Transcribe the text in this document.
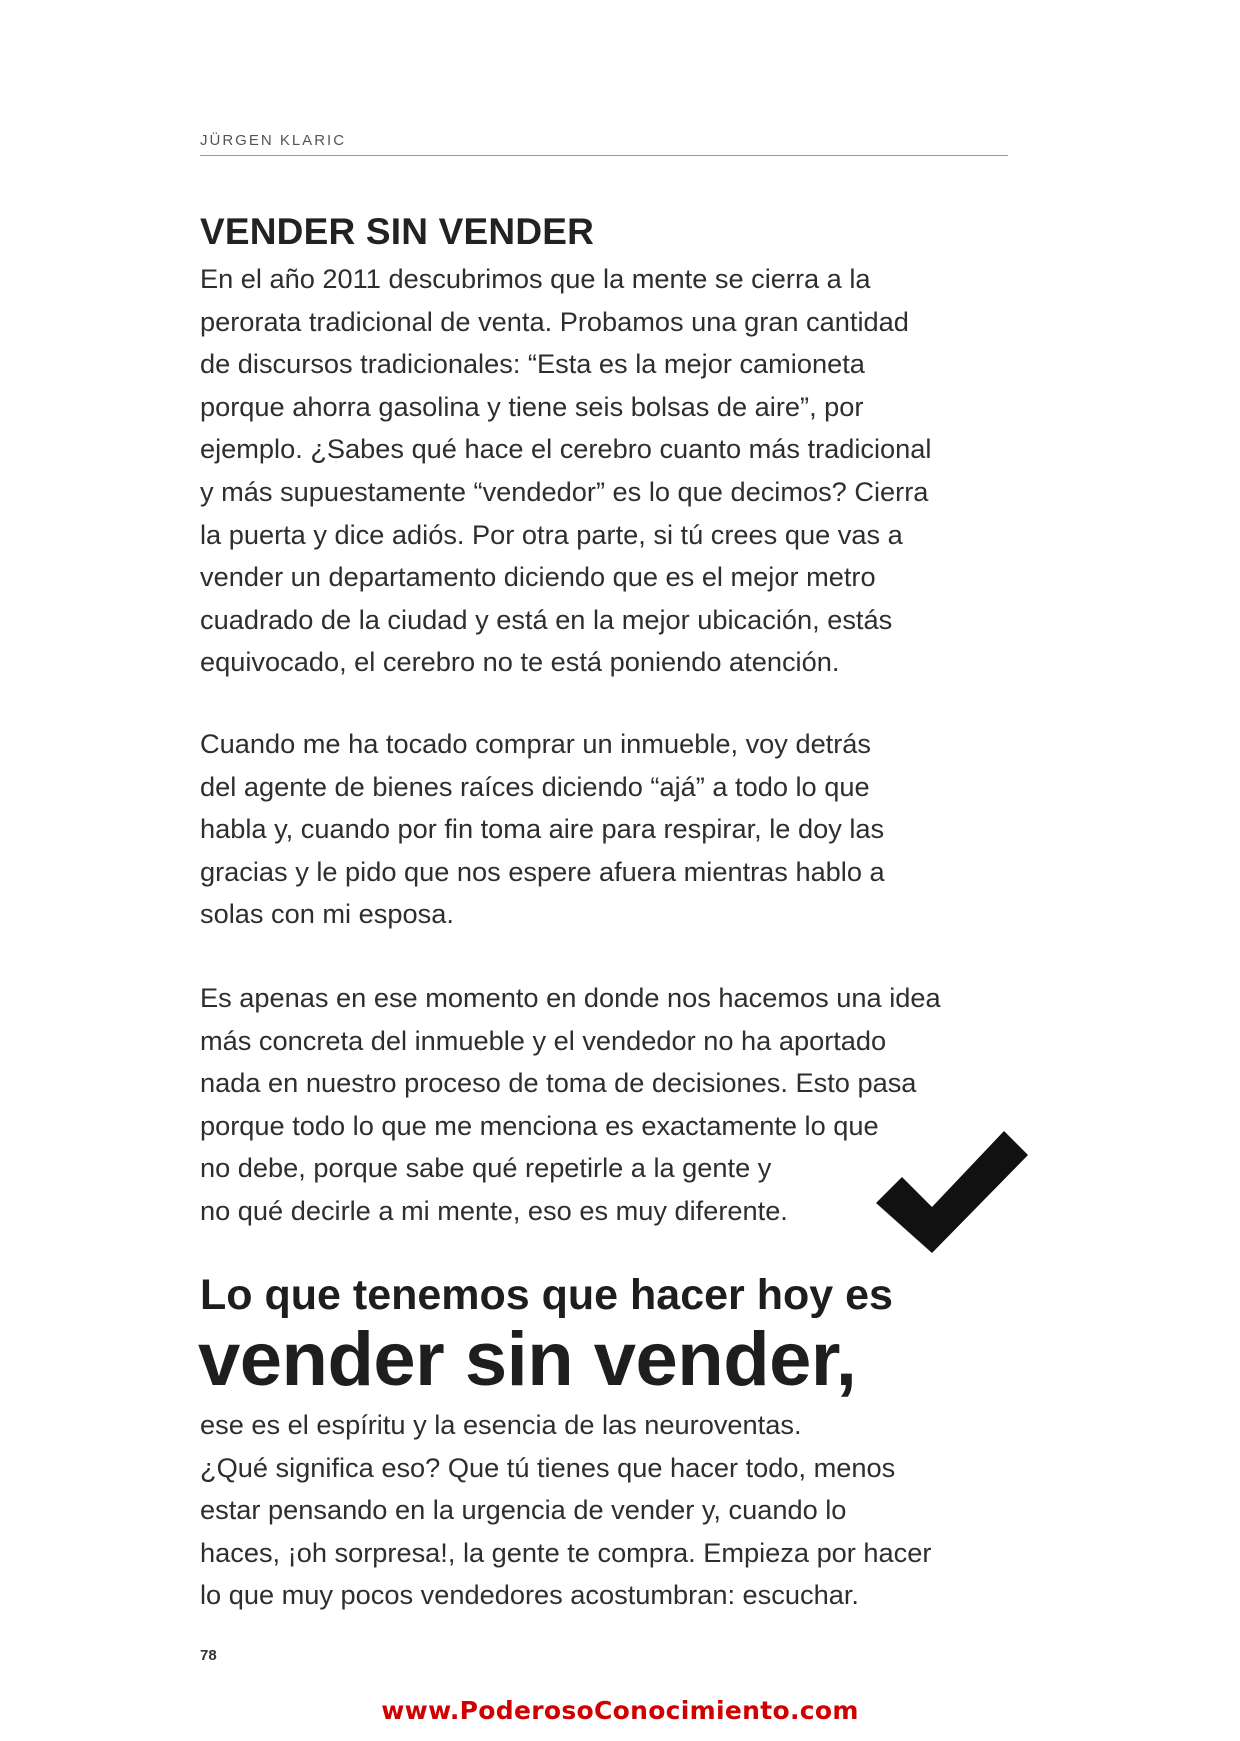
JÜRGEN KLARIC
VENDER SIN VENDER

En el año 2011 descubrimos que la mente se cierra a la
perorata tradicional de venta. Probamos una gran cantidad
de discursos tradicionales: “Esta es la mejor camioneta
porque ahorra gasolina y tiene seis bolsas de aire”, por
ejemplo. ¿Sabes qué hace el cerebro cuanto más tradicional
y más supuestamente “vendedor” es lo que decimos? Cierra
la puerta y dice adiós. Por otra parte, si tú crees que vas a
vender un departamento diciendo que es el mejor metro
cuadrado de la ciudad y está en la mejor ubicación, estás
equivocado, el cerebro no te está poniendo atención.

Cuando me ha tocado comprar un inmueble, voy detrás
del agente de bienes raíces diciendo “ajá” a todo lo que
habla y, cuando por fin toma aire para respirar, le doy las
gracias y le pido que nos espere afuera mientras hablo a
solas con mi esposa.

Es apenas en ese momento en donde nos hacemos una idea
más concreta del inmueble y el vendedor no ha aportado
nada en nuestro proceso de toma de decisiones. Esto pasa
porque todo lo que me menciona es exactamente lo que
no debe, porque sabe qué repetirle a la gente y
no qué decirle a mi mente, eso es muy diferente.

Lo que tenemos que hacer hoy es
vender sin vender,

ese es el espíritu y la esencia de las neuroventas.
¿Qué significa eso? Que tú tienes que hacer todo, menos
estar pensando en la urgencia de vender y, cuando lo
haces, ¡oh sorpresa!, la gente te compra. Empieza por hacer
lo que muy pocos vendedores acostumbran: escuchar.

78
www.PoderosoConocimiento.com
